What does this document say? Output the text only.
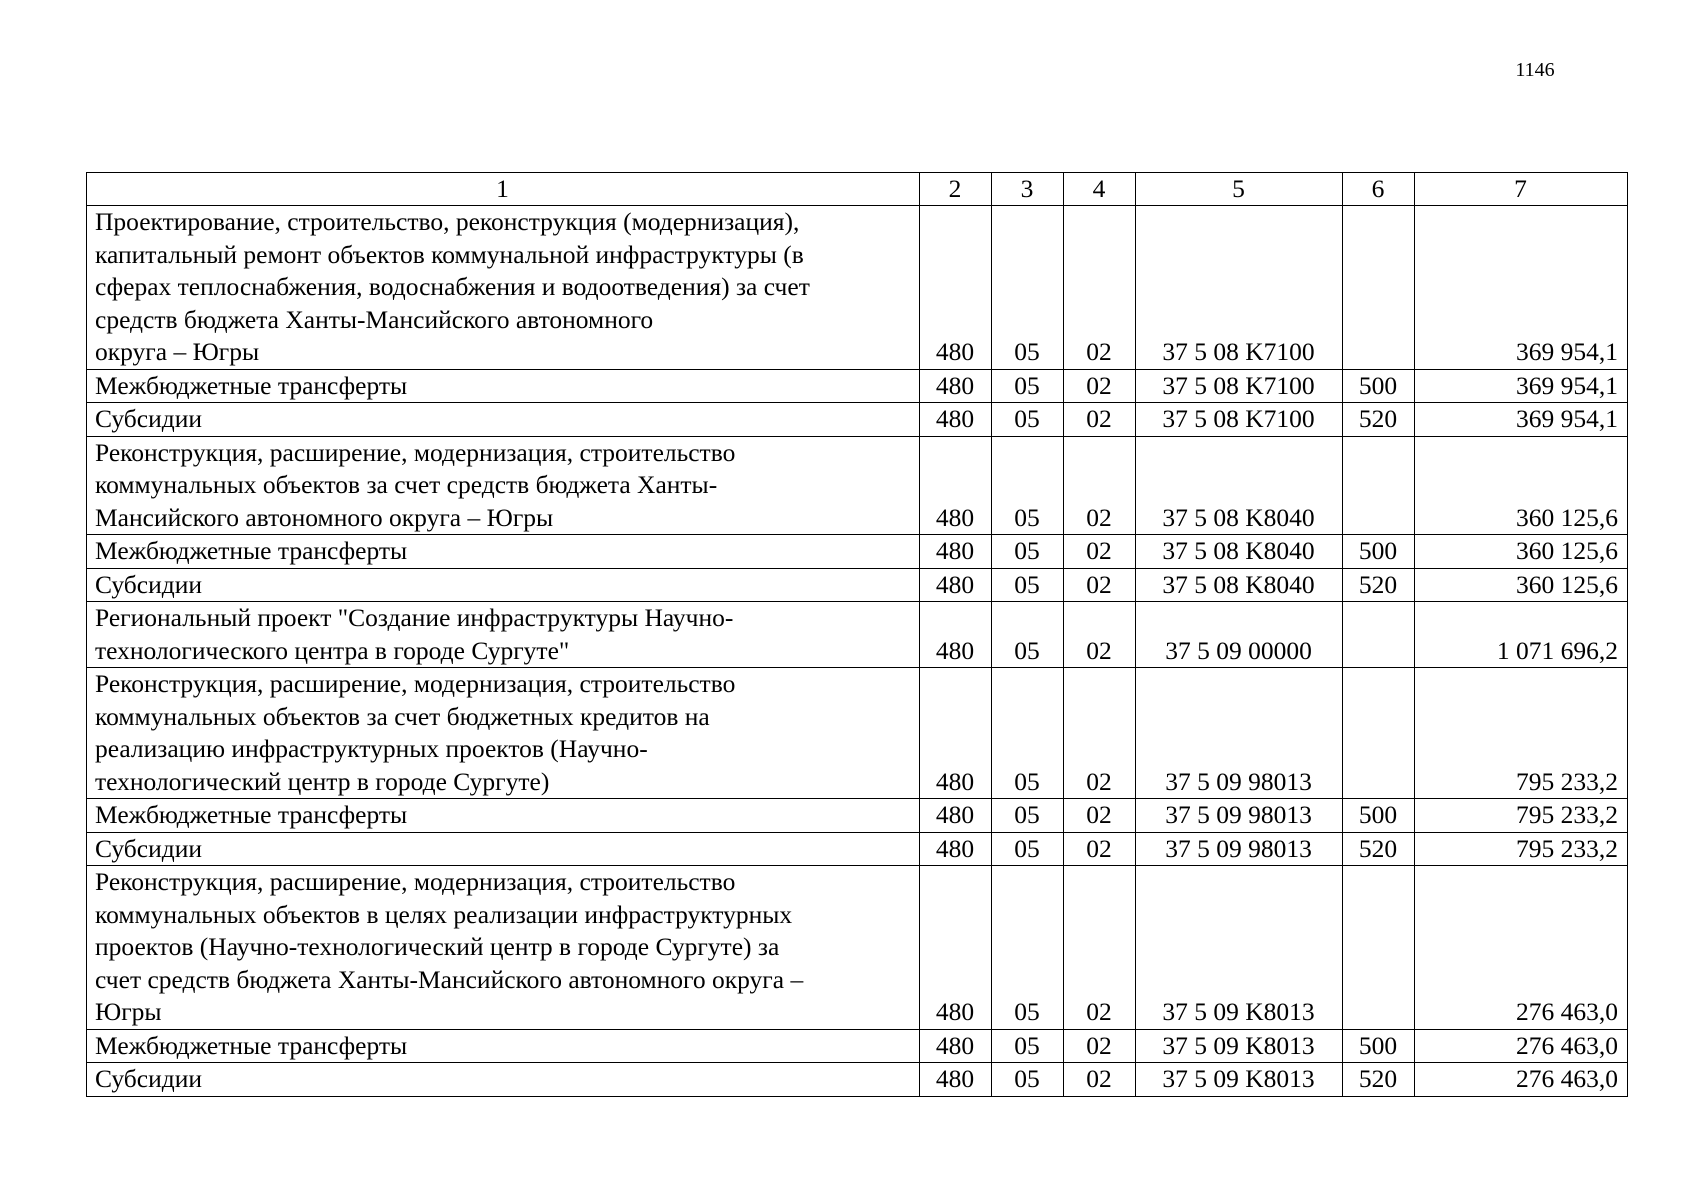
1146
1	2	3	4	5	6	7

Проектирование, строительство, реконструкция (модернизация),
капитальный ремонт объектов коммунальной инфраструктуры (в
сферах теплоснабжения, водоснабжения и водоотведения) за счет
средств бюджета Ханты-Мансийского автономного
округа – Югры	480	05	02	37 5 08 K7100		369 954,1

Межбюджетные трансферты	480	05	02	37 5 08 K7100	500	369 954,1

Субсидии	480	05	02	37 5 08 K7100	520	369 954,1

Реконструкция, расширение, модернизация, строительство
коммунальных объектов за счет средств бюджета Ханты-
Мансийского автономного округа – Югры	480	05	02	37 5 08 K8040		360 125,6

Межбюджетные трансферты	480	05	02	37 5 08 K8040	500	360 125,6

Субсидии	480	05	02	37 5 08 K8040	520	360 125,6

Региональный проект "Создание инфраструктуры Научно-
технологического центра в городе Сургуте"	480	05	02	37 5 09 00000		1 071 696,2

Реконструкция, расширение, модернизация, строительство
коммунальных объектов за счет бюджетных кредитов на
реализацию инфраструктурных проектов (Научно-
технологический центр в городе Сургуте)	480	05	02	37 5 09 98013		795 233,2

Межбюджетные трансферты	480	05	02	37 5 09 98013	500	795 233,2

Субсидии	480	05	02	37 5 09 98013	520	795 233,2

Реконструкция, расширение, модернизация, строительство
коммунальных объектов в целях реализации инфраструктурных
проектов (Научно-технологический центр в городе Сургуте) за
счет средств бюджета Ханты-Мансийского автономного округа –
Югры	480	05	02	37 5 09 K8013		276 463,0

Межбюджетные трансферты	480	05	02	37 5 09 K8013	500	276 463,0

Субсидии	480	05	02	37 5 09 K8013	520	276 463,0
